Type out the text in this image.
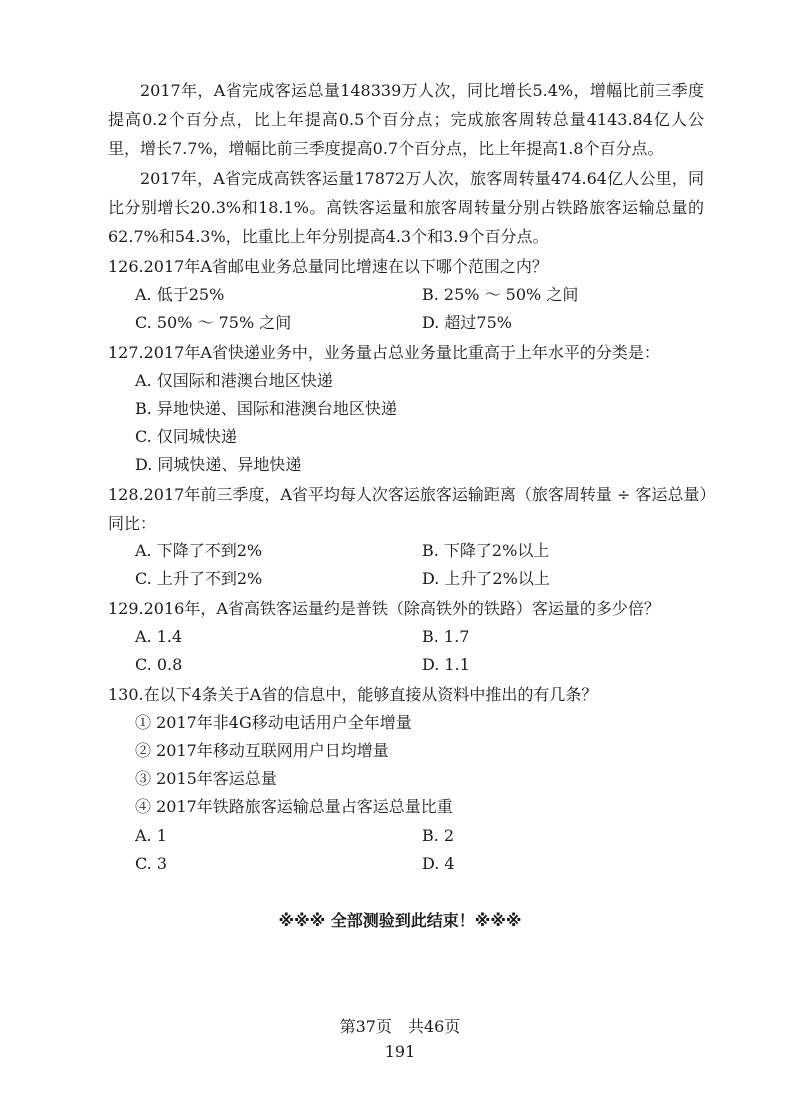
2017年，A省完成客运总量148339万人次，同比增长5.4%，增幅比前三季度提高0.2个百分点，比上年提高0.5个百分点；完成旅客周转总量4143.84亿人公里，增长7.7%，增幅比前三季度提高0.7个百分点，比上年提高1.8个百分点。

2017年，A省完成高铁客运量17872万人次，旅客周转量474.64亿人公里，同比分别增长20.3%和18.1%。高铁客运量和旅客周转量分别占铁路旅客运输总量的62.7%和54.3%，比重比上年分别提高4.3个和3.9个百分点。

126.2017年A省邮电业务总量同比增速在以下哪个范围之内？
A. 低于25%	B. 25% ～ 50% 之间
C. 50% ～ 75% 之间	D. 超过75%
127.2017年A省快递业务中，业务量占总业务量比重高于上年水平的分类是：
A. 仅国际和港澳台地区快递
B. 异地快递、国际和港澳台地区快递
C. 仅同城快递
D. 同城快递、异地快递
128.2017年前三季度，A省平均每人次客运旅客运输距离（旅客周转量 ÷ 客运总量）同比：
A. 下降了不到2%	B. 下降了2%以上
C. 上升了不到2%	D. 上升了2%以上
129.2016年，A省高铁客运量约是普铁（除高铁外的铁路）客运量的多少倍？
A. 1.4	B. 1.7
C. 0.8	D. 1.1
130.在以下4条关于A省的信息中，能够直接从资料中推出的有几条？
① 2017年非4G移动电话用户全年增量
② 2017年移动互联网用户日均增量
③ 2015年客运总量
④ 2017年铁路旅客运输总量占客运总量比重
A. 1	B. 2
C. 3	D. 4
※※※ 全部测验到此结束！※※※
第37页　共46页
191
